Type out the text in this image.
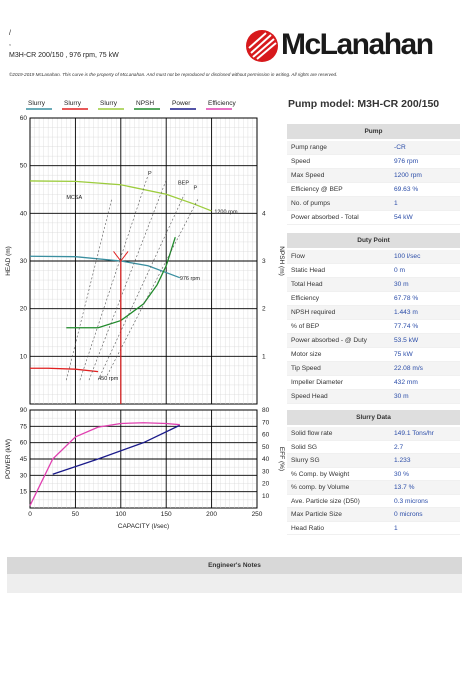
/
,
M3H-CR 200/150 , 976 rpm, 75 kW
©2019-2019 McLanahan. This curve is the property of McLanahan. And must not be reproduced or disclosed without permission in writing. All rights are reserved.
McLanahan
Slurry	Slurry	Slurry	NPSH	Power	Efficiency
10
20
30
40
50
60
1
2
3
4
HEAD (m)	NPSH (m)
MCSA
P
BEP
P
1200 rpm
976 rpm
450 rpm
0	50	100	150	200	250
15
30
45
60
75
90
10
20
30
40
50
60
70
80
POWER (kW)	EFF (%)
CAPACITY (l/sec)
Pump model: M3H-CR 200/150
Pump
Pump range	-CR
Speed	976 rpm
Max Speed	1200 rpm
Efficiency @ BEP	69.63 %
No. of pumps	1
Power absorbed - Total	54 kW
Duty Point
Flow	100 l/sec
Static Head	0 m
Total Head	30 m
Efficiency	67.78 %
NPSH required	1.443 m
% of BEP	77.74 %
Power absorbed - @ Duty	53.5 kW
Motor size	75 kW
Tip Speed	22.08 m/s
Impeller Diameter	432 mm
Speed Head	30 m
Slurry Data
Solid flow rate	149.1 Tons/hr
Solid SG	2.7
Slurry SG	1.233
% Comp. by Weight	30 %
% comp. by Volume	13.7 %
Ave. Particle size (D50)	0.3 microns
Max Particle Size	0 microns
Head Ratio	1
Engineer's Notes
